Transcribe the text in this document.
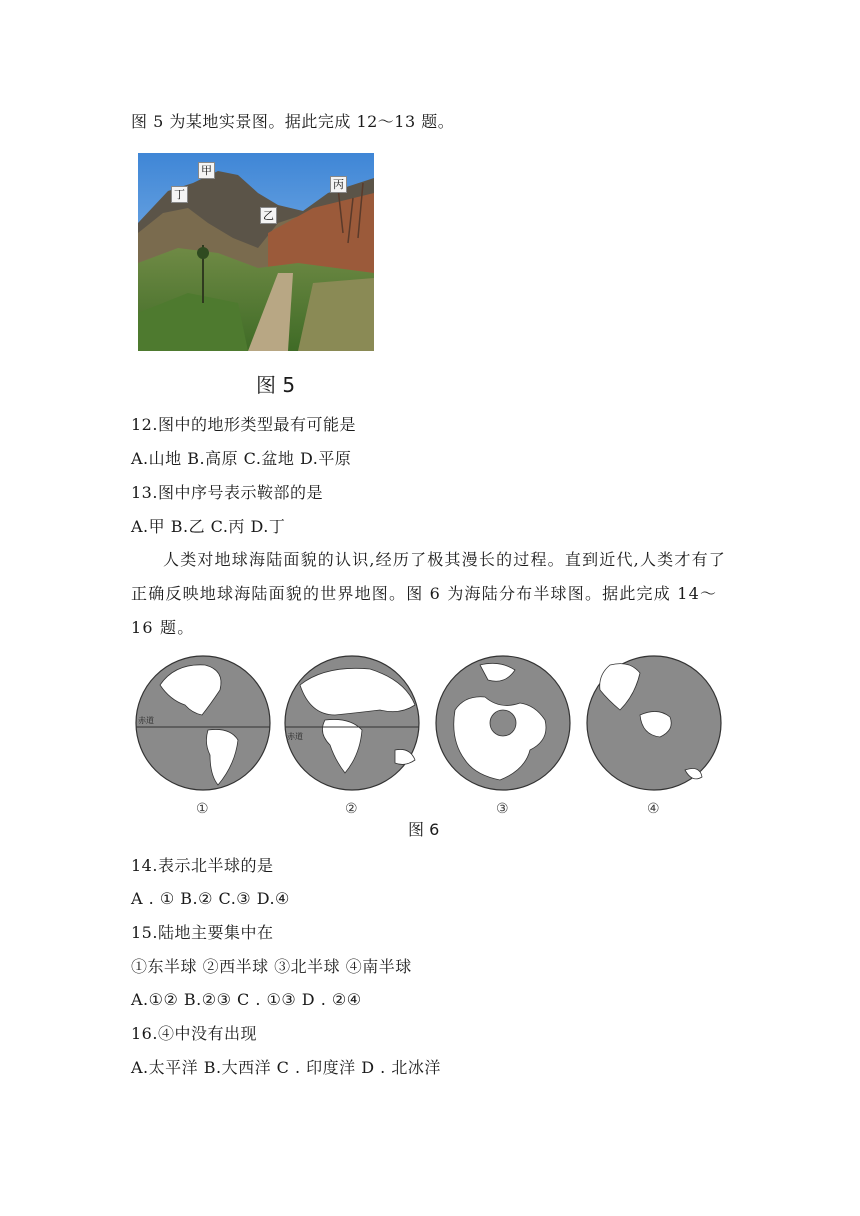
图 5 为某地实景图。据此完成 12～13 题。
甲
丁
乙
丙
图 5
12.图中的地形类型最有可能是
A.山地 B.高原 C.盆地 D.平原
13.图中序号表示鞍部的是
A.甲 B.乙 C.丙 D.丁
人类对地球海陆面貌的认识,经历了极其漫长的过程。直到近代,人类才有了正确反映地球海陆面貌的世界地图。图 6 为海陆分布半球图。据此完成 14～16 题。
赤道
赤道
①	②	③	④
图 6
14.表示北半球的是
A . ① B.② C.③ D.④
15.陆地主要集中在
①东半球 ②西半球 ③北半球 ④南半球
A.①② B.②③ C . ①③ D . ②④
16.④中没有出现
A.太平洋 B.大西洋 C . 印度洋 D . 北冰洋
